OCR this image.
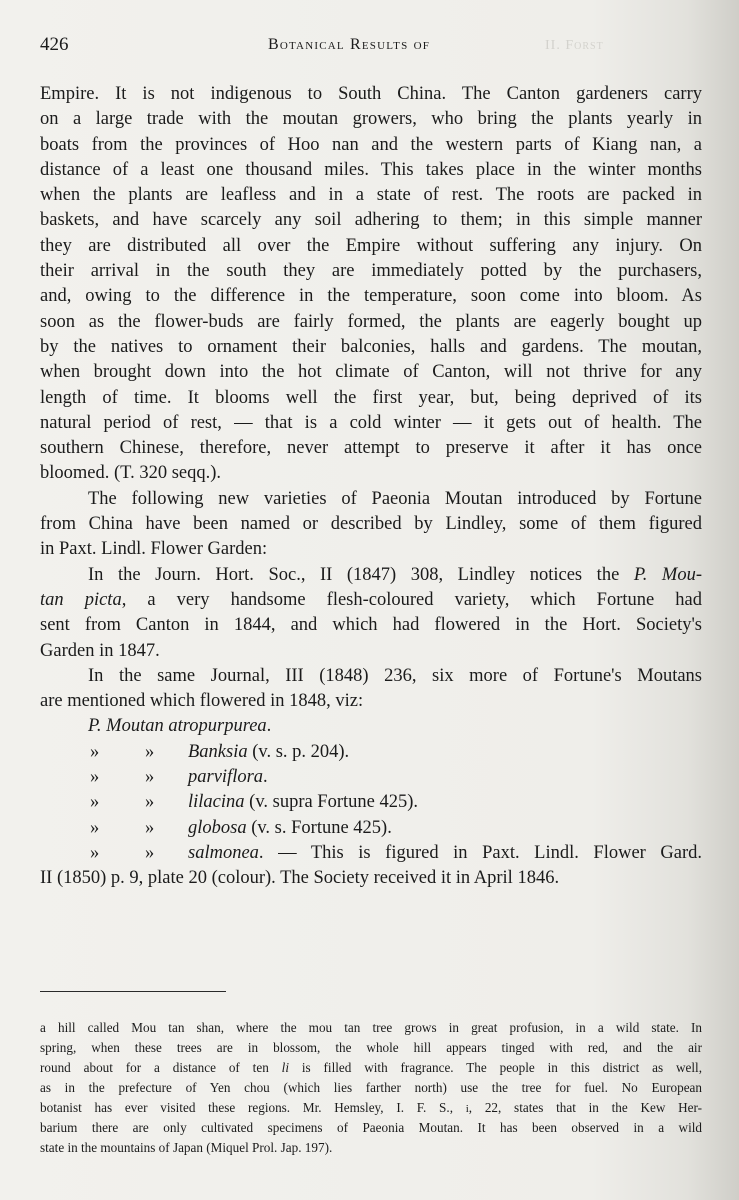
426	Botanical Results of	II. Forst
Empire. It is not indigenous to South China. The Canton gardeners carry
on a large trade with the moutan growers, who bring the plants yearly in
boats from the provinces of Hoo nan and the western parts of Kiang nan, a
distance of a least one thousand miles. This takes place in the winter months
when the plants are leafless and in a state of rest. The roots are packed in
baskets, and have scarcely any soil adhering to them; in this simple manner
they are distributed all over the Empire without suffering any injury. On
their arrival in the south they are immediately potted by the purchasers,
and, owing to the difference in the temperature, soon come into bloom. As
soon as the flower-buds are fairly formed, the plants are eagerly bought up
by the natives to ornament their balconies, halls and gardens. The moutan,
when brought down into the hot climate of Canton, will not thrive for any
length of time. It blooms well the first year, but, being deprived of its
natural period of rest, — that is a cold winter — it gets out of health. The
southern Chinese, therefore, never attempt to preserve it after it has once
bloomed. (T. 320 seqq.).
The following new varieties of Paeonia Moutan introduced by Fortune
from China have been named or described by Lindley, some of them figured
in Paxt. Lindl. Flower Garden:
In the Journ. Hort. Soc., II (1847) 308, Lindley notices the P. Mou-
tan picta, a very handsome flesh-coloured variety, which Fortune had
sent from Canton in 1844, and which had flowered in the Hort. Society's
Garden in 1847.
In the same Journal, III (1848) 236, six more of Fortune's Moutans
are mentioned which flowered in 1848, viz:
P. Moutan atropurpurea.
» » Banksia (v. s. p. 204).
» » parviflora.
» » lilacina (v. supra Fortune 425).
» » globosa (v. s. Fortune 425).
» » salmonea. — This is figured in Paxt. Lindl. Flower Gard.
II (1850) p. 9, plate 20 (colour). The Society received it in April 1846.
a hill called Mou tan shan, where the mou tan tree grows in great profusion, in a wild state. In
spring, when these trees are in blossom, the whole hill appears tinged with red, and the air
round about for a distance of ten li is filled with fragrance. The people in this district as well,
as in the prefecture of Yen chou (which lies farther north) use the tree for fuel. No European
botanist has ever visited these regions. Mr. Hemsley, I. F. S., i, 22, states that in the Kew Her-
barium there are only cultivated specimens of Paeonia Moutan. It has been observed in a wild
state in the mountains of Japan (Miquel Prol. Jap. 197).
